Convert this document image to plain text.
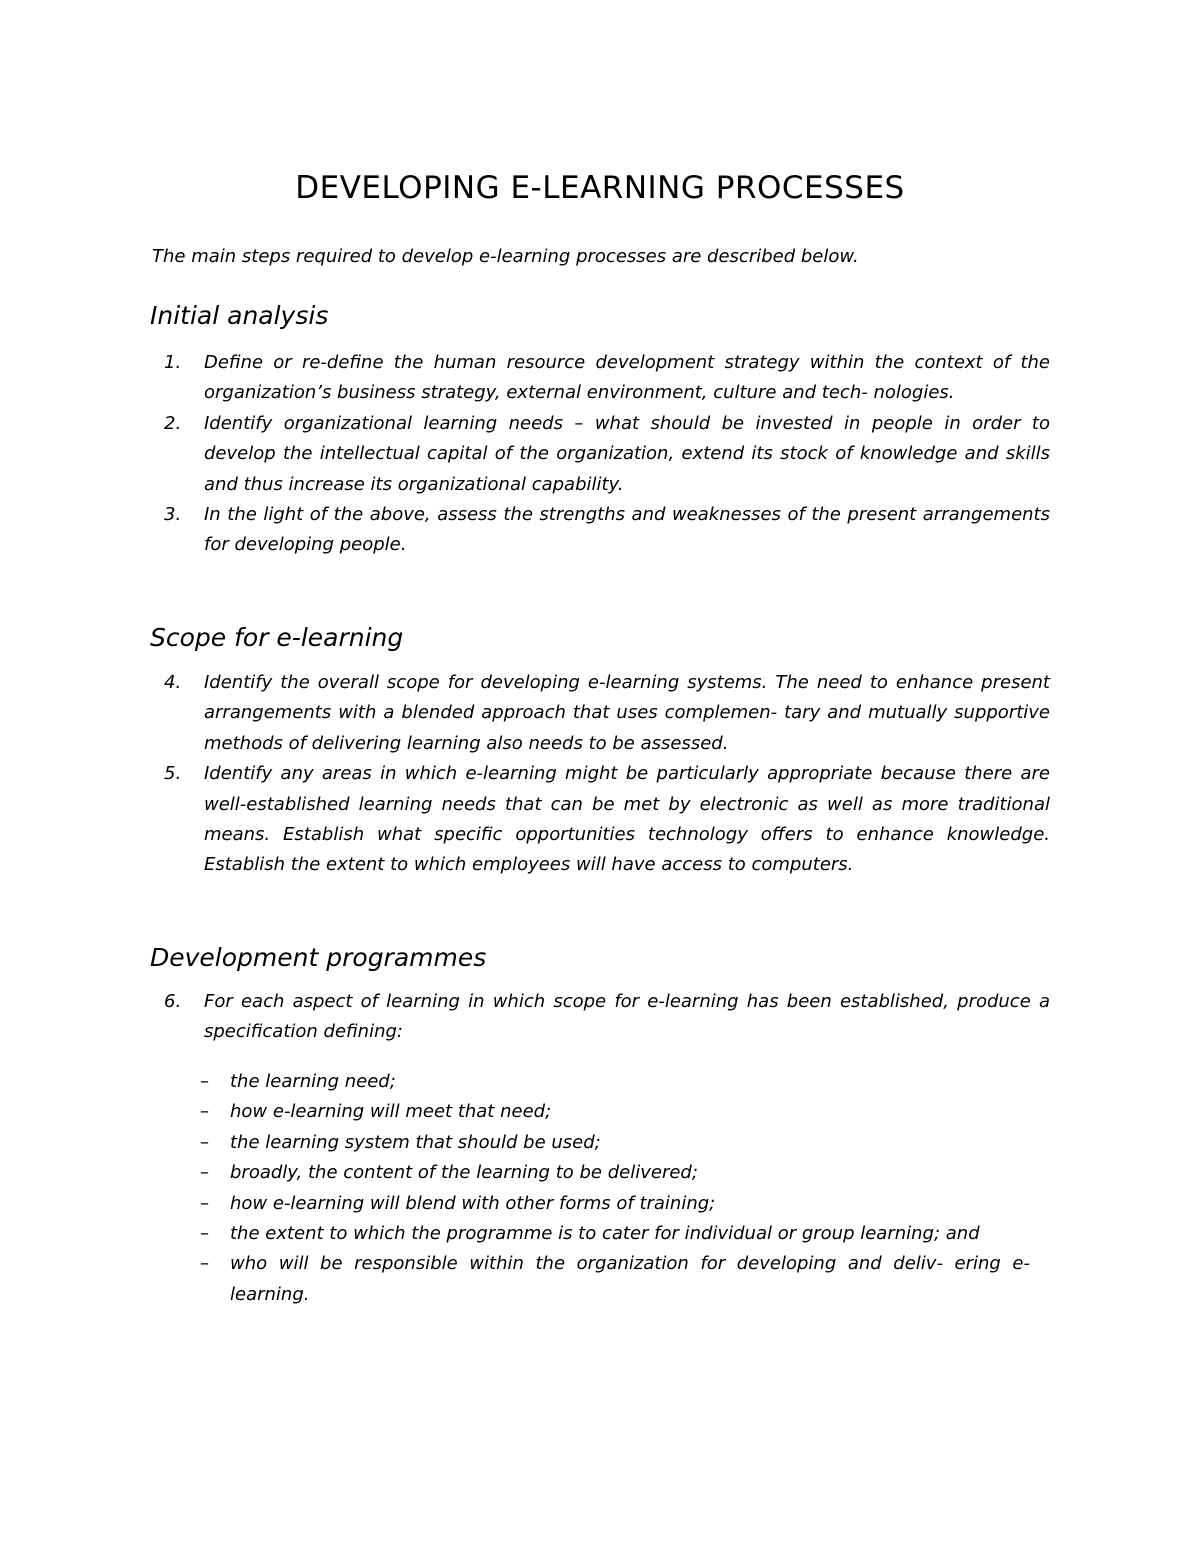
DEVELOPING E-LEARNING PROCESSES

The main steps required to develop e-learning processes are described below.

Initial analysis
1. Define or re-define the human resource development strategy within the context of the organization’s business strategy, external environment, culture and tech- nologies.
2. Identify organizational learning needs – what should be invested in people in order to develop the intellectual capital of the organization, extend its stock of knowledge and skills and thus increase its organizational capability.
3. In the light of the above, assess the strengths and weaknesses of the present arrangements for developing people.
Scope for e-learning
4. Identify the overall scope for developing e-learning systems. The need to enhance present arrangements with a blended approach that uses complemen- tary and mutually supportive methods of delivering learning also needs to be assessed.
5. Identify any areas in which e-learning might be particularly appropriate because there are well-established learning needs that can be met by electronic as well as more traditional means. Establish what specific opportunities technology offers to enhance knowledge. Establish the extent to which employees will have access to computers.
Development programmes
6. For each aspect of learning in which scope for e-learning has been established, produce a specification defining:
– the learning need;
– how e-learning will meet that need;
– the learning system that should be used;
– broadly, the content of the learning to be delivered;
– how e-learning will blend with other forms of training;
– the extent to which the programme is to cater for individual or group learning; and
– who will be responsible within the organization for developing and deliv- ering e-learning.
